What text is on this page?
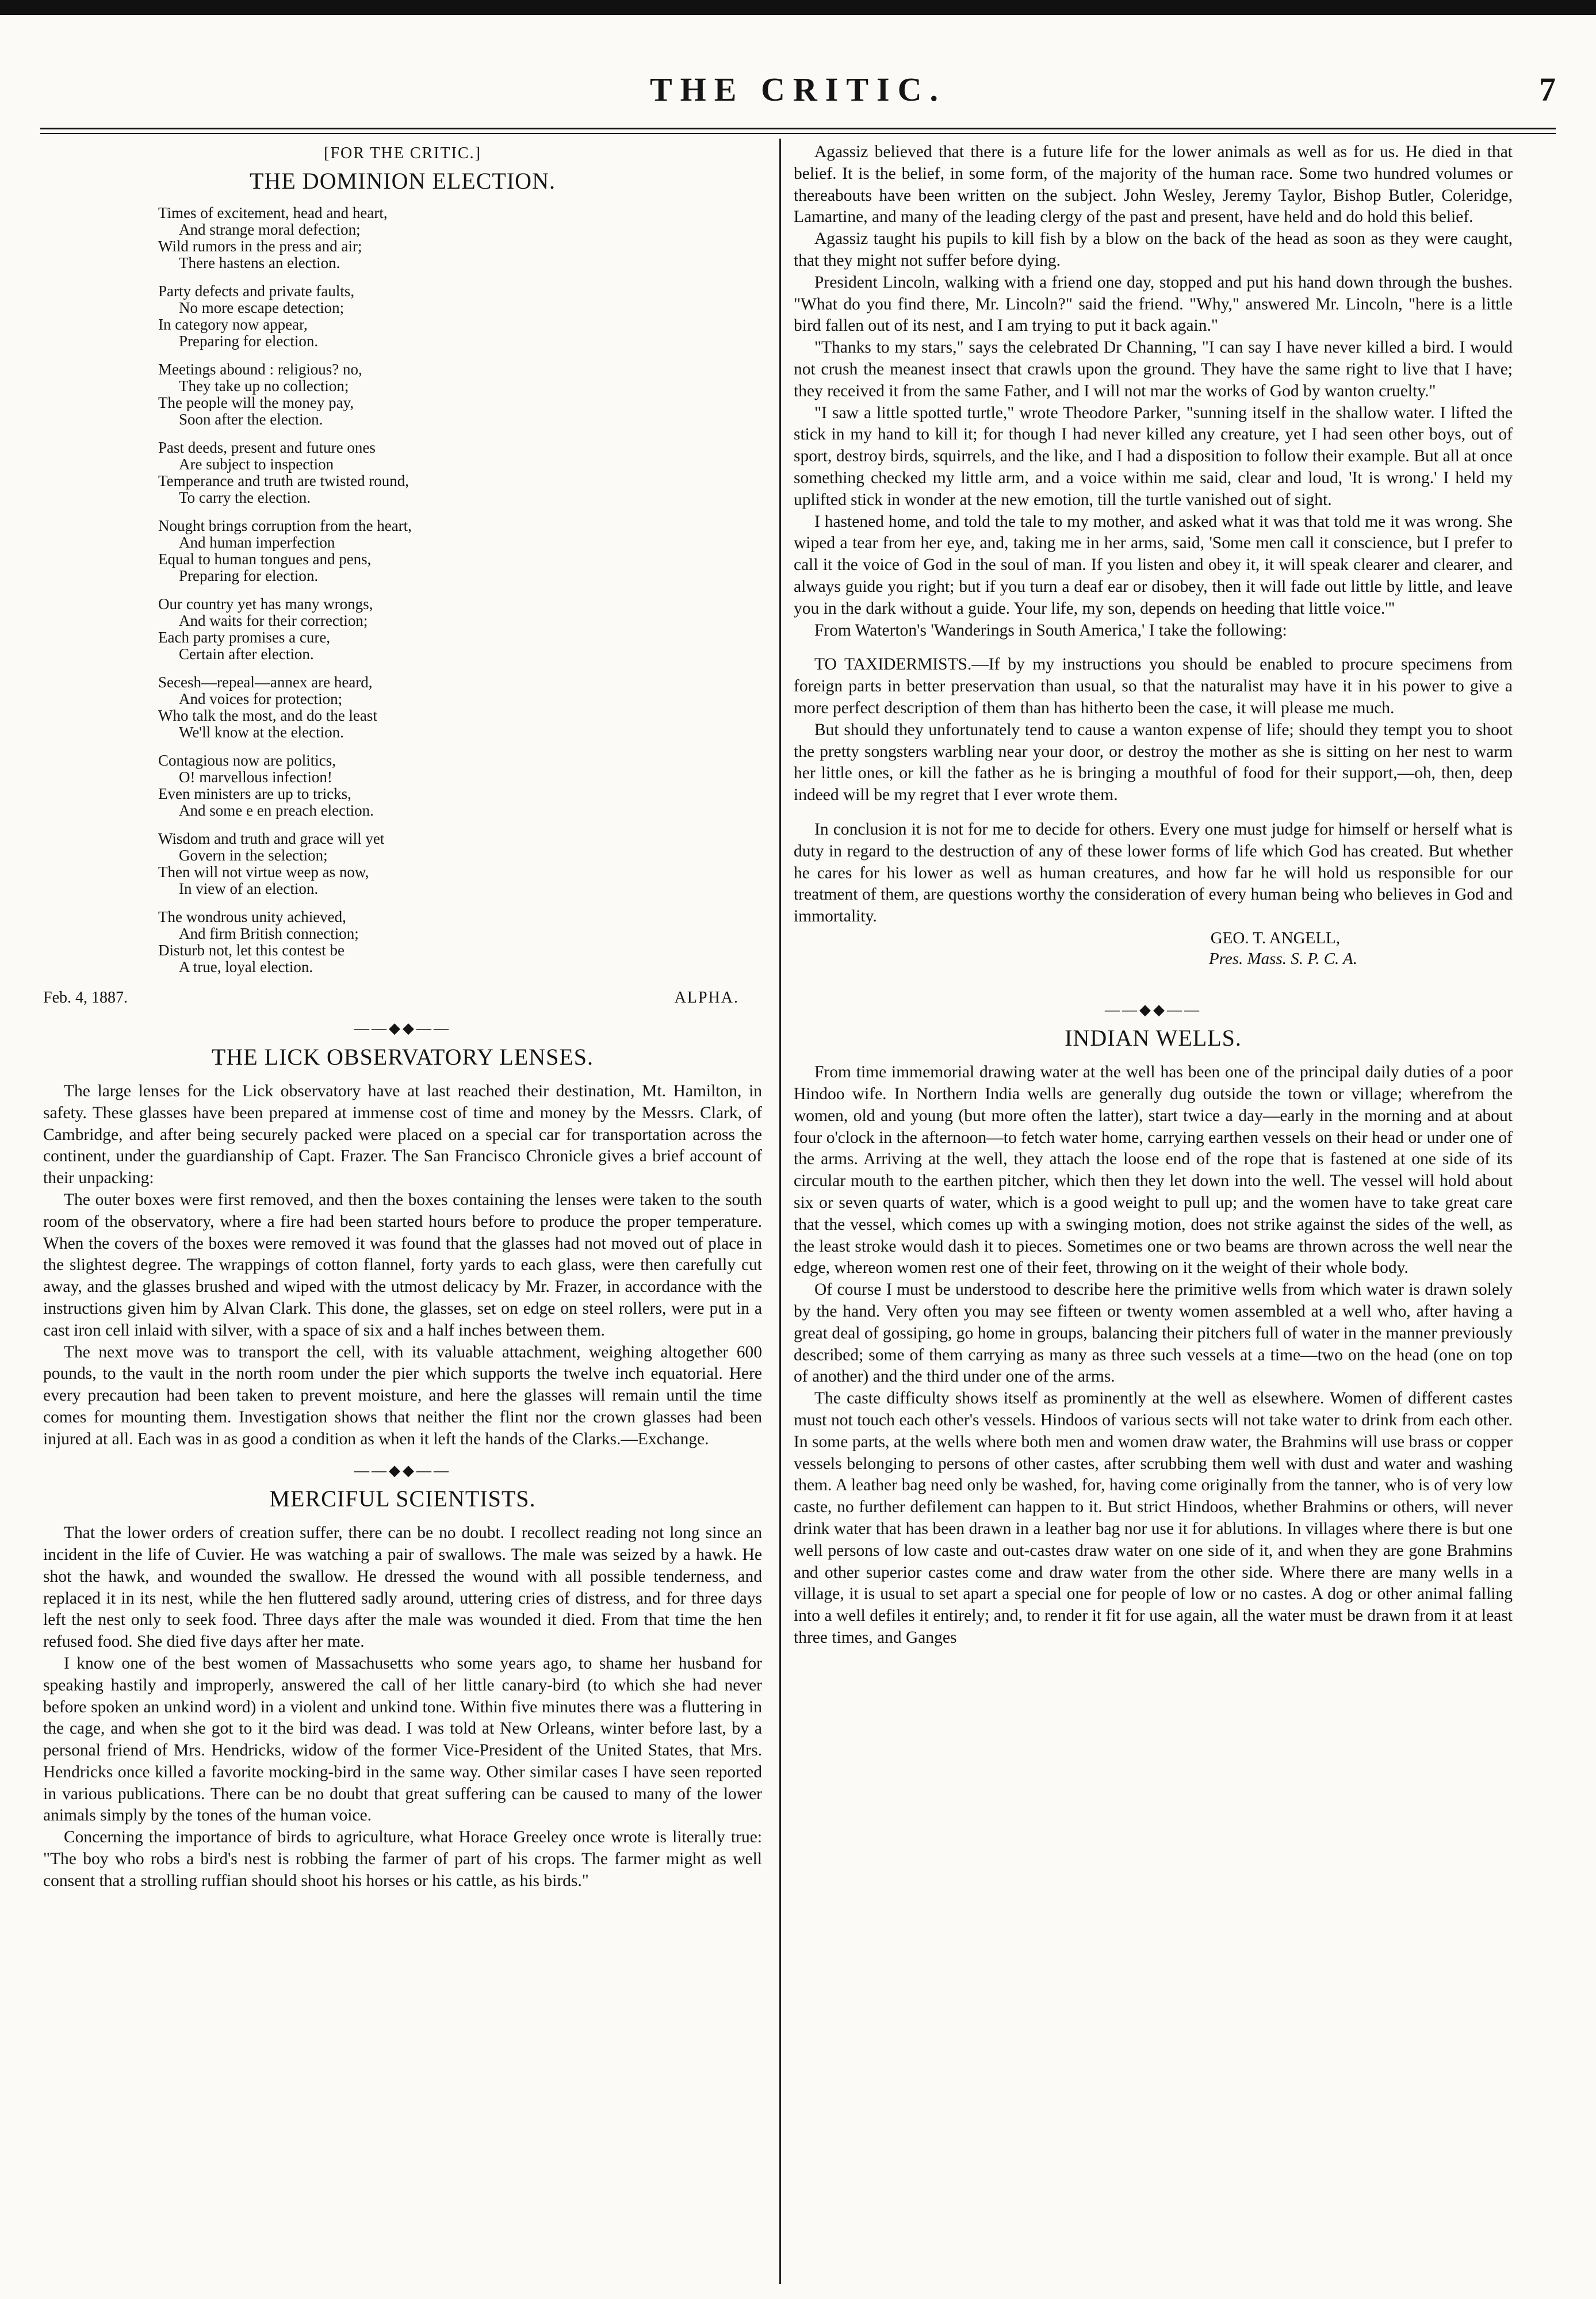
THE CRITIC.	7
[FOR THE CRITIC.]
THE DOMINION ELECTION.
Times of excitement, head and heart,
And strange moral defection;
Wild rumors in the press and air;
There hastens an election.
Party defects and private faults,
No more escape detection;
In category now appear,
Preparing for election.
Meetings abound : religious? no,
They take up no collection;
The people will the money pay,
Soon after the election.
Past deeds, present and future ones
Are subject to inspection
Temperance and truth are twisted round,
To carry the election.
Nought brings corruption from the heart,
And human imperfection
Equal to human tongues and pens,
Preparing for election.
Our country yet has many wrongs,
And waits for their correction;
Each party promises a cure,
Certain after election.
Secesh—repeal—annex are heard,
And voices for protection;
Who talk the most, and do the least
We'll know at the election.
Contagious now are politics,
O! marvellous infection!
Even ministers are up to tricks,
And some e en preach election.
Wisdom and truth and grace will yet
Govern in the selection;
Then will not virtue weep as now,
In view of an election.
The wondrous unity achieved,
And firm British connection;
Disturb not, let this contest be
A true, loyal election.
Feb. 4, 1887.	ALPHA.
——◆◆——
THE LICK OBSERVATORY LENSES.

The large lenses for the Lick observatory have at last reached their destination, Mt. Hamilton, in safety. These glasses have been prepared at immense cost of time and money by the Messrs. Clark, of Cambridge, and after being securely packed were placed on a special car for transportation across the continent, under the guardianship of Capt. Frazer. The San Francisco Chronicle gives a brief account of their unpacking:

The outer boxes were first removed, and then the boxes containing the lenses were taken to the south room of the observatory, where a fire had been started hours before to produce the proper temperature. When the covers of the boxes were removed it was found that the glasses had not moved out of place in the slightest degree. The wrappings of cotton flannel, forty yards to each glass, were then carefully cut away, and the glasses brushed and wiped with the utmost delicacy by Mr. Frazer, in accordance with the instructions given him by Alvan Clark. This done, the glasses, set on edge on steel rollers, were put in a cast iron cell inlaid with silver, with a space of six and a half inches between them.

The next move was to transport the cell, with its valuable attachment, weighing altogether 600 pounds, to the vault in the north room under the pier which supports the twelve inch equatorial. Here every precaution had been taken to prevent moisture, and here the glasses will remain until the time comes for mounting them. Investigation shows that neither the flint nor the crown glasses had been injured at all. Each was in as good a condition as when it left the hands of the Clarks.—Exchange.

——◆◆——
MERCIFUL SCIENTISTS.

That the lower orders of creation suffer, there can be no doubt. I recollect reading not long since an incident in the life of Cuvier. He was watching a pair of swallows. The male was seized by a hawk. He shot the hawk, and wounded the swallow. He dressed the wound with all possible tenderness, and replaced it in its nest, while the hen fluttered sadly around, uttering cries of distress, and for three days left the nest only to seek food. Three days after the male was wounded it died. From that time the hen refused food. She died five days after her mate.

I know one of the best women of Massachusetts who some years ago, to shame her husband for speaking hastily and improperly, answered the call of her little canary-bird (to which she had never before spoken an unkind word) in a violent and unkind tone. Within five minutes there was a fluttering in the cage, and when she got to it the bird was dead. I was told at New Orleans, winter before last, by a personal friend of Mrs. Hendricks, widow of the former Vice-President of the United States, that Mrs. Hendricks once killed a favorite mocking-bird in the same way. Other similar cases I have seen reported in various publications. There can be no doubt that great suffering can be caused to many of the lower animals simply by the tones of the human voice.

Concerning the importance of birds to agriculture, what Horace Greeley once wrote is literally true: "The boy who robs a bird's nest is robbing the farmer of part of his crops. The farmer might as well consent that a strolling ruffian should shoot his horses or his cattle, as his birds."

Agassiz believed that there is a future life for the lower animals as well as for us. He died in that belief. It is the belief, in some form, of the majority of the human race. Some two hundred volumes or thereabouts have been written on the subject. John Wesley, Jeremy Taylor, Bishop Butler, Coleridge, Lamartine, and many of the leading clergy of the past and present, have held and do hold this belief.

Agassiz taught his pupils to kill fish by a blow on the back of the head as soon as they were caught, that they might not suffer before dying.

President Lincoln, walking with a friend one day, stopped and put his hand down through the bushes. "What do you find there, Mr. Lincoln?" said the friend. "Why," answered Mr. Lincoln, "here is a little bird fallen out of its nest, and I am trying to put it back again."

"Thanks to my stars," says the celebrated Dr Channing, "I can say I have never killed a bird. I would not crush the meanest insect that crawls upon the ground. They have the same right to live that I have; they received it from the same Father, and I will not mar the works of God by wanton cruelty."

"I saw a little spotted turtle," wrote Theodore Parker, "sunning itself in the shallow water. I lifted the stick in my hand to kill it; for though I had never killed any creature, yet I had seen other boys, out of sport, destroy birds, squirrels, and the like, and I had a disposition to follow their example. But all at once something checked my little arm, and a voice within me said, clear and loud, 'It is wrong.' I held my uplifted stick in wonder at the new emotion, till the turtle vanished out of sight.

I hastened home, and told the tale to my mother, and asked what it was that told me it was wrong. She wiped a tear from her eye, and, taking me in her arms, said, 'Some men call it conscience, but I prefer to call it the voice of God in the soul of man. If you listen and obey it, it will speak clearer and clearer, and always guide you right; but if you turn a deaf ear or disobey, then it will fade out little by little, and leave you in the dark without a guide. Your life, my son, depends on heeding that little voice.'"

From Waterton's 'Wanderings in South America,' I take the following:

TO TAXIDERMISTS.—If by my instructions you should be enabled to procure specimens from foreign parts in better preservation than usual, so that the naturalist may have it in his power to give a more perfect description of them than has hitherto been the case, it will please me much.

But should they unfortunately tend to cause a wanton expense of life; should they tempt you to shoot the pretty songsters warbling near your door, or destroy the mother as she is sitting on her nest to warm her little ones, or kill the father as he is bringing a mouthful of food for their support,—oh, then, deep indeed will be my regret that I ever wrote them.

In conclusion it is not for me to decide for others. Every one must judge for himself or herself what is duty in regard to the destruction of any of these lower forms of life which God has created. But whether he cares for his lower as well as human creatures, and how far he will hold us responsible for our treatment of them, are questions worthy the consideration of every human being who believes in God and immortality.

GEO. T. ANGELL,
Pres. Mass. S. P. C. A.
——◆◆——
INDIAN WELLS.

From time immemorial drawing water at the well has been one of the principal daily duties of a poor Hindoo wife. In Northern India wells are generally dug outside the town or village; wherefrom the women, old and young (but more often the latter), start twice a day—early in the morning and at about four o'clock in the afternoon—to fetch water home, carrying earthen vessels on their head or under one of the arms. Arriving at the well, they attach the loose end of the rope that is fastened at one side of its circular mouth to the earthen pitcher, which then they let down into the well. The vessel will hold about six or seven quarts of water, which is a good weight to pull up; and the women have to take great care that the vessel, which comes up with a swinging motion, does not strike against the sides of the well, as the least stroke would dash it to pieces. Sometimes one or two beams are thrown across the well near the edge, whereon women rest one of their feet, throwing on it the weight of their whole body.

Of course I must be understood to describe here the primitive wells from which water is drawn solely by the hand. Very often you may see fifteen or twenty women assembled at a well who, after having a great deal of gossiping, go home in groups, balancing their pitchers full of water in the manner previously described; some of them carrying as many as three such vessels at a time—two on the head (one on top of another) and the third under one of the arms.

The caste difficulty shows itself as prominently at the well as elsewhere. Women of different castes must not touch each other's vessels. Hindoos of various sects will not take water to drink from each other. In some parts, at the wells where both men and women draw water, the Brahmins will use brass or copper vessels belonging to persons of other castes, after scrubbing them well with dust and water and washing them. A leather bag need only be washed, for, having come originally from the tanner, who is of very low caste, no further defilement can happen to it. But strict Hindoos, whether Brahmins or others, will never drink water that has been drawn in a leather bag nor use it for ablutions. In villages where there is but one well persons of low caste and out-castes draw water on one side of it, and when they are gone Brahmins and other superior castes come and draw water from the other side. Where there are many wells in a village, it is usual to set apart a special one for people of low or no castes. A dog or other animal falling into a well defiles it entirely; and, to render it fit for use again, all the water must be drawn from it at least three times, and Ganges
